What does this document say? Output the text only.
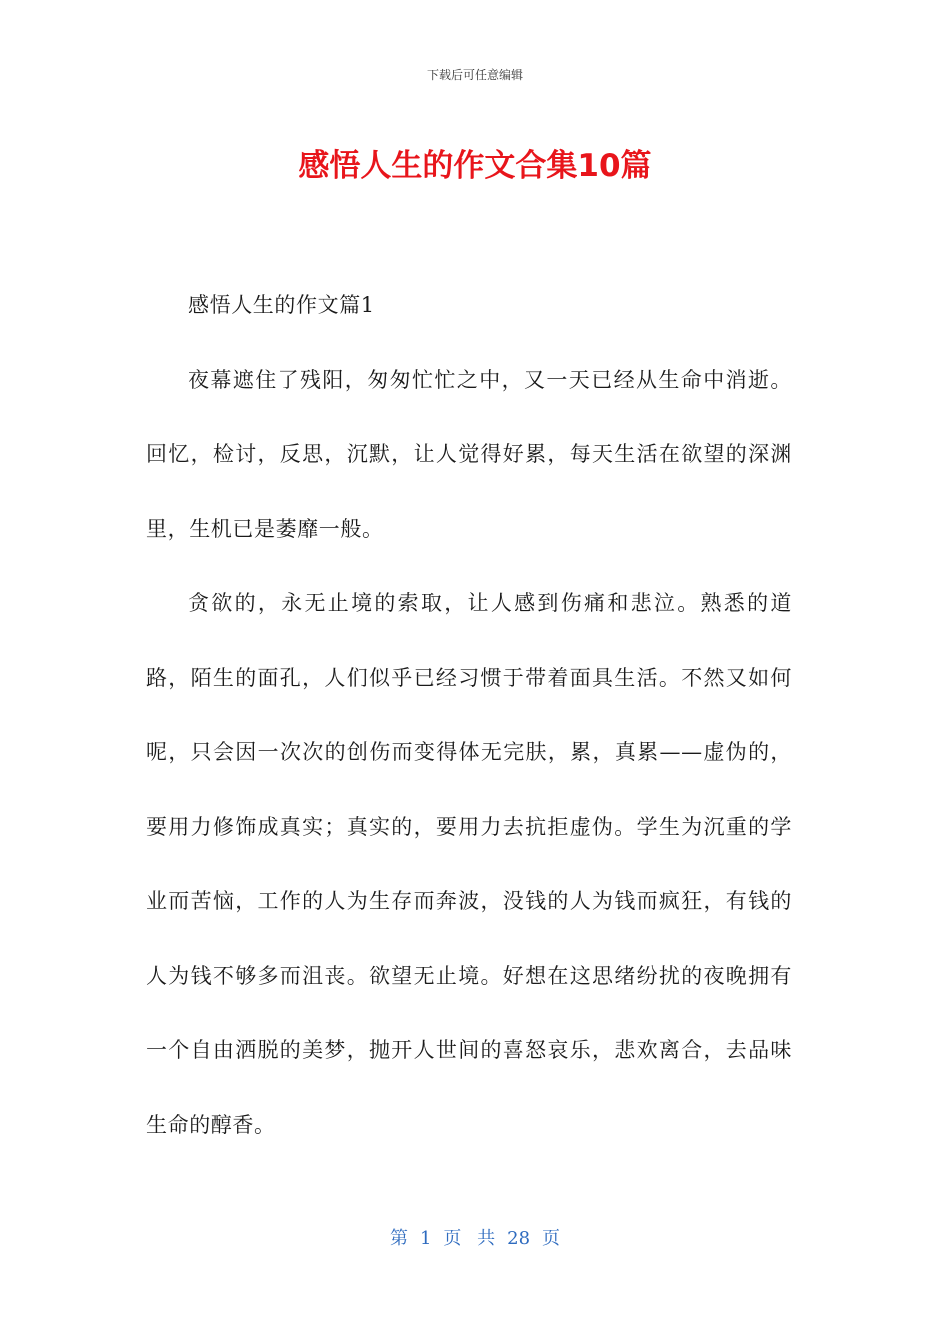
下载后可任意编辑
感悟人生的作文合集10篇

感悟人生的作文篇1

夜幕遮住了残阳，匆匆忙忙之中，又一天已经从生命中消逝。回忆，检讨，反思，沉默，让人觉得好累，每天生活在欲望的深渊里，生机已是萎靡一般。

贪欲的，永无止境的索取，让人感到伤痛和悲泣。熟悉的道路，陌生的面孔，人们似乎已经习惯于带着面具生活。不然又如何呢，只会因一次次的创伤而变得体无完肤，累，真累——虚伪的，要用力修饰成真实；真实的，要用力去抗拒虚伪。学生为沉重的学业而苦恼，工作的人为生存而奔波，没钱的人为钱而疯狂，有钱的人为钱不够多而沮丧。欲望无止境。好想在这思绪纷扰的夜晚拥有一个自由洒脱的美梦，抛开人世间的喜怒哀乐，悲欢离合，去品味生命的醇香。

第 1 页 共 28 页
